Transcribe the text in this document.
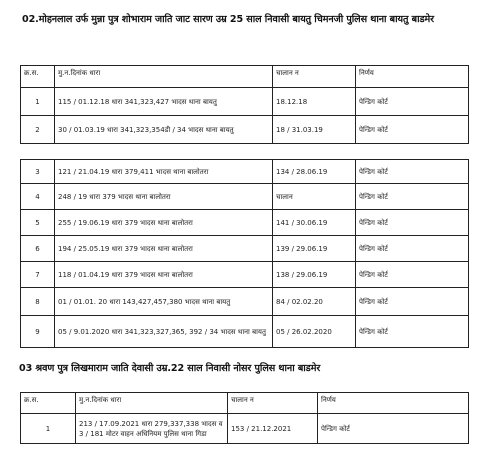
02.मोहनलाल उर्फ मुन्ना पुत्र शोभाराम जाति जाट सारण उम्र 25 साल निवासी बायतु चिमनजी पुलिस थाना बायतु बाडमेर
क्र.स.	मु.न.दिनांक धारा	चालान न	निर्णय
1	115 / 01.12.18 धारा 341,323,427 भादस थाना बायतु	18.12.18	पेन्डिग कोर्ट
2	30 / 01.03.19 धारा 341,323,354डी / 34 भादस थाना बायतु	18 / 31.03.19	पेन्डिग कोर्ट
3	121 / 21.04.19 धारा 379,411 भादस थाना बालोतरा	134 / 28.06.19	पेन्डिग कोर्ट
4	248 / 19 धारा 379 भादस थाना बालोतरा	चालान	पेन्डिग कोर्ट
5	255 / 19.06.19 धारा 379 भादस थाना बालोतरा	141 / 30.06.19	पेन्डिग कोर्ट
6	194 / 25.05.19 धारा 379 भादस थाना बालोतरा	139 / 29.06.19	पेन्डिग कोर्ट
7	118 / 01.04.19 धारा 379 भादस थाना बालोतरा	138 / 29.06.19	पेन्डिग कोर्ट
8	01 / 01.01. 20 धारा 143,427,457,380 भादस थाना बायतु	84 / 02.02.20	पेन्डिग कोर्ट
9	05 / 9.01.2020 धारा 341,323,327,365, 392 / 34 भादस थाना बायतु	05 / 26.02.2020	पेन्डिग कोर्ट
03 श्रवण पुत्र लिखमाराम जाति देवासी उम्र.22 साल निवासी नोसर पुलिस थाना बाडमेर
क्र.स.	मु.न.दिनांक धारा	चालान न	निर्णय
1	213 / 17.09.2021 धारा 279,337,338 भादस व 3 / 181 मोटर वाहन अधिनियम पुलिस थाना गिडा	153 / 21.12.2021	पेन्डिग कोर्ट
